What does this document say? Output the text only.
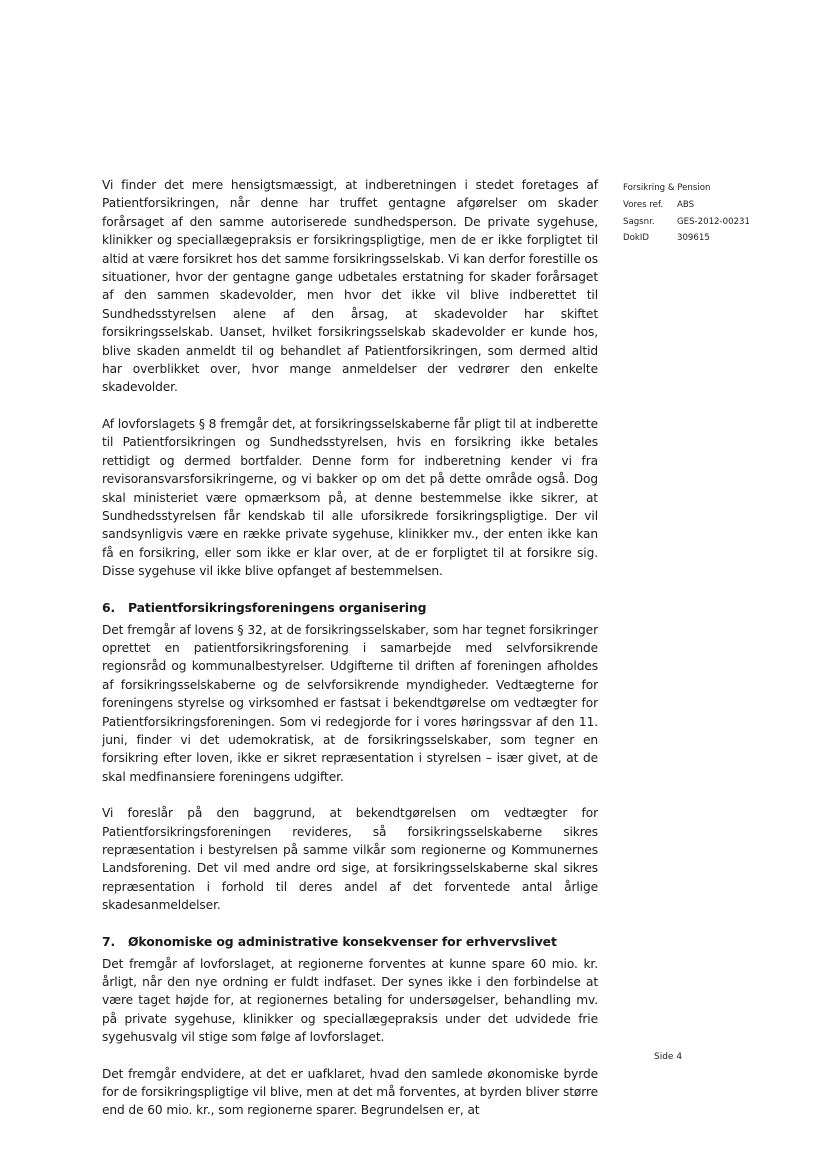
Vi finder det mere hensigtsmæssigt, at indberetningen i stedet foretages af Patientforsikringen, når denne har truffet gentagne afgørelser om skader forårsaget af den samme autoriserede sundhedsperson. De private sygehuse, klinikker og speciallægepraksis er forsikringspligtige, men de er ikke forpligtet til altid at være forsikret hos det samme forsikringsselskab. Vi kan derfor forestille os situationer, hvor der gentagne gange udbetales erstatning for skader forårsaget af den sammen skadevolder, men hvor det ikke vil blive indberettet til Sundhedsstyrelsen alene af den årsag, at skadevolder har skiftet forsikringsselskab. Uanset, hvilket forsikringsselskab skadevolder er kunde hos, blive skaden anmeldt til og behandlet af Patientforsikringen, som dermed altid har overblikket over, hvor mange anmeldelser der vedrører den enkelte skadevolder.

Af lovforslagets § 8 fremgår det, at forsikringsselskaberne får pligt til at indberette til Patientforsikringen og Sundhedsstyrelsen, hvis en forsikring ikke betales rettidigt og dermed bortfalder. Denne form for indberetning kender vi fra revisoransvarsforsikringerne, og vi bakker op om det på dette område også. Dog skal ministeriet være opmærksom på, at denne bestemmelse ikke sikrer, at Sundhedsstyrelsen får kendskab til alle uforsikrede forsikringspligtige. Der vil sandsynligvis være en række private sygehuse, klinikker mv., der enten ikke kan få en forsikring, eller som ikke er klar over, at de er forpligtet til at forsikre sig. Disse sygehuse vil ikke blive opfanget af bestemmelsen.

6. Patientforsikringsforeningens organisering

Det fremgår af lovens § 32, at de forsikringsselskaber, som har tegnet forsikringer oprettet en patientforsikringsforening i samarbejde med selvforsikrende regionsråd og kommunalbestyrelser. Udgifterne til driften af foreningen afholdes af forsikringsselskaberne og de selvforsikrende myndigheder. Vedtægterne for foreningens styrelse og virksomhed er fastsat i bekendtgørelse om vedtægter for Patientforsikringsforeningen. Som vi redegjorde for i vores høringssvar af den 11. juni, finder vi det udemokratisk, at de forsikringsselskaber, som tegner en forsikring efter loven, ikke er sikret repræsentation i styrelsen – især givet, at de skal medfinansiere foreningens udgifter.

Vi foreslår på den baggrund, at bekendtgørelsen om vedtægter for Patientforsikringsforeningen revideres, så forsikringsselskaberne sikres repræsentation i bestyrelsen på samme vilkår som regionerne og Kommunernes Landsforening. Det vil med andre ord sige, at forsikringsselskaberne skal sikres repræsentation i forhold til deres andel af det forventede antal årlige skadesanmeldelser.

7. Økonomiske og administrative konsekvenser for erhvervslivet

Det fremgår af lovforslaget, at regionerne forventes at kunne spare 60 mio. kr. årligt, når den nye ordning er fuldt indfaset. Der synes ikke i den forbindelse at være taget højde for, at regionernes betaling for undersøgelser, behandling mv. på private sygehuse, klinikker og speciallægepraksis under det udvidede frie sygehusvalg vil stige som følge af lovforslaget.

Det fremgår endvidere, at det er uafklaret, hvad den samlede økonomiske byrde for de forsikringspligtige vil blive, men at det må forventes, at byrden bliver større end de 60 mio. kr., som regionerne sparer. Begrundelsen er, at

Forsikring & Pension
Vores ref. ABS
Sagsnr.	GES-2012-00231
DokID	309615
Side 4
